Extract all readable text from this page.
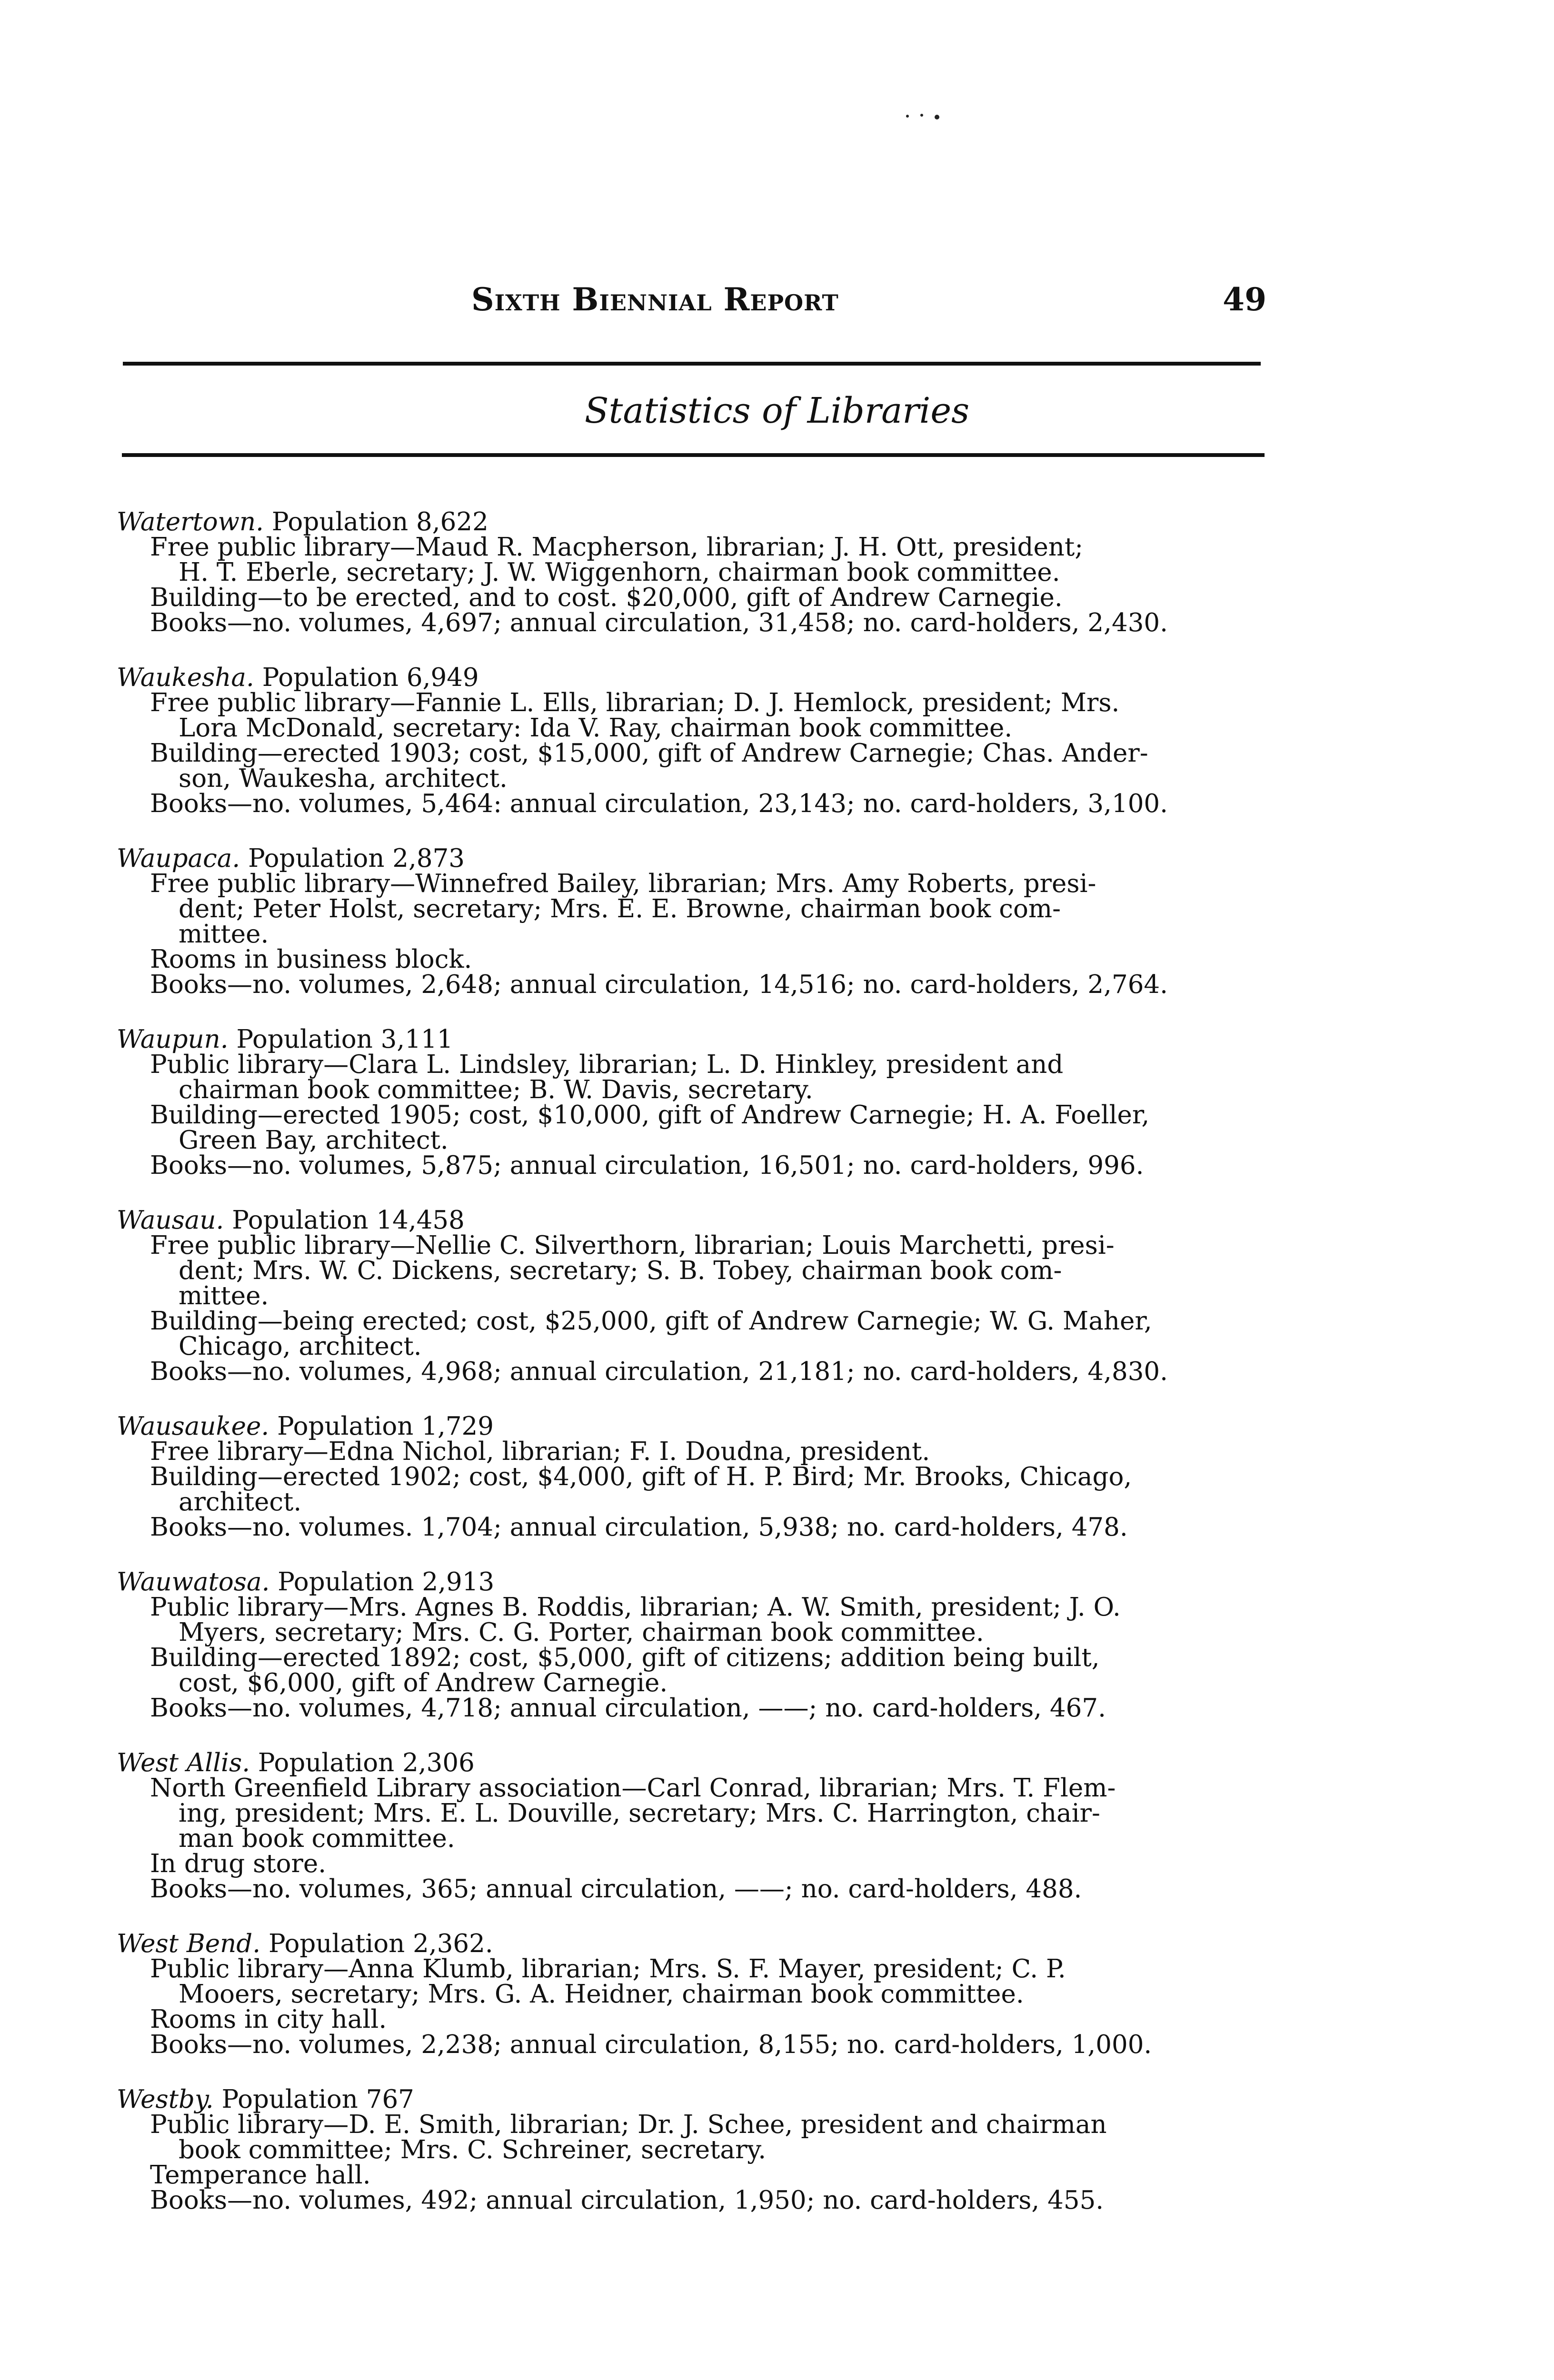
Sixth Biennial Report	49
Statistics of Libraries
Watertown. Population 8,622
Free public library—Maud R. Macpherson, librarian; J. H. Ott, president;
H. T. Eberle, secretary; J. W. Wiggenhorn, chairman book committee.
Building—to be erected, and to cost. $20,000, gift of Andrew Carnegie.
Books—no. volumes, 4,697; annual circulation, 31,458; no. card-holders, 2,430.
Waukesha. Population 6,949
Free public library—Fannie L. Ells, librarian; D. J. Hemlock, president; Mrs.
Lora McDonald, secretary: Ida V. Ray, chairman book committee.
Building—erected 1903; cost, $15,000, gift of Andrew Carnegie; Chas. Ander-
son, Waukesha, architect.
Books—no. volumes, 5,464: annual circulation, 23,143; no. card-holders, 3,100.
Waupaca. Population 2,873
Free public library—Winnefred Bailey, librarian; Mrs. Amy Roberts, presi-
dent; Peter Holst, secretary; Mrs. E. E. Browne, chairman book com-
mittee.
Rooms in business block.
Books—no. volumes, 2,648; annual circulation, 14,516; no. card-holders, 2,764.
Waupun. Population 3,111
Public library—Clara L. Lindsley, librarian; L. D. Hinkley, president and
chairman book committee; B. W. Davis, secretary.
Building—erected 1905; cost, $10,000, gift of Andrew Carnegie; H. A. Foeller,
Green Bay, architect.
Books—no. volumes, 5,875; annual circulation, 16,501; no. card-holders, 996.
Wausau. Population 14,458
Free public library—Nellie C. Silverthorn, librarian; Louis Marchetti, presi-
dent; Mrs. W. C. Dickens, secretary; S. B. Tobey, chairman book com-
mittee.
Building—being erected; cost, $25,000, gift of Andrew Carnegie; W. G. Maher,
Chicago, architect.
Books—no. volumes, 4,968; annual circulation, 21,181; no. card-holders, 4,830.
Wausaukee. Population 1,729
Free library—Edna Nichol, librarian; F. I. Doudna, president.
Building—erected 1902; cost, $4,000, gift of H. P. Bird; Mr. Brooks, Chicago,
architect.
Books—no. volumes. 1,704; annual circulation, 5,938; no. card-holders, 478.
Wauwatosa. Population 2,913
Public library—Mrs. Agnes B. Roddis, librarian; A. W. Smith, president; J. O.
Myers, secretary; Mrs. C. G. Porter, chairman book committee.
Building—erected 1892; cost, $5,000, gift of citizens; addition being built,
cost, $6,000, gift of Andrew Carnegie.
Books—no. volumes, 4,718; annual circulation, ——; no. card-holders, 467.
West Allis. Population 2,306
North Greenfield Library association—Carl Conrad, librarian; Mrs. T. Flem-
ing, president; Mrs. E. L. Douville, secretary; Mrs. C. Harrington, chair-
man book committee.
In drug store.
Books—no. volumes, 365; annual circulation, ——; no. card-holders, 488.
West Bend. Population 2,362.
Public library—Anna Klumb, librarian; Mrs. S. F. Mayer, president; C. P.
Mooers, secretary; Mrs. G. A. Heidner, chairman book committee.
Rooms in city hall.
Books—no. volumes, 2,238; annual circulation, 8,155; no. card-holders, 1,000.
Westby. Population 767
Public library—D. E. Smith, librarian; Dr. J. Schee, president and chairman
book committee; Mrs. C. Schreiner, secretary.
Temperance hall.
Books—no. volumes, 492; annual circulation, 1,950; no. card-holders, 455.
